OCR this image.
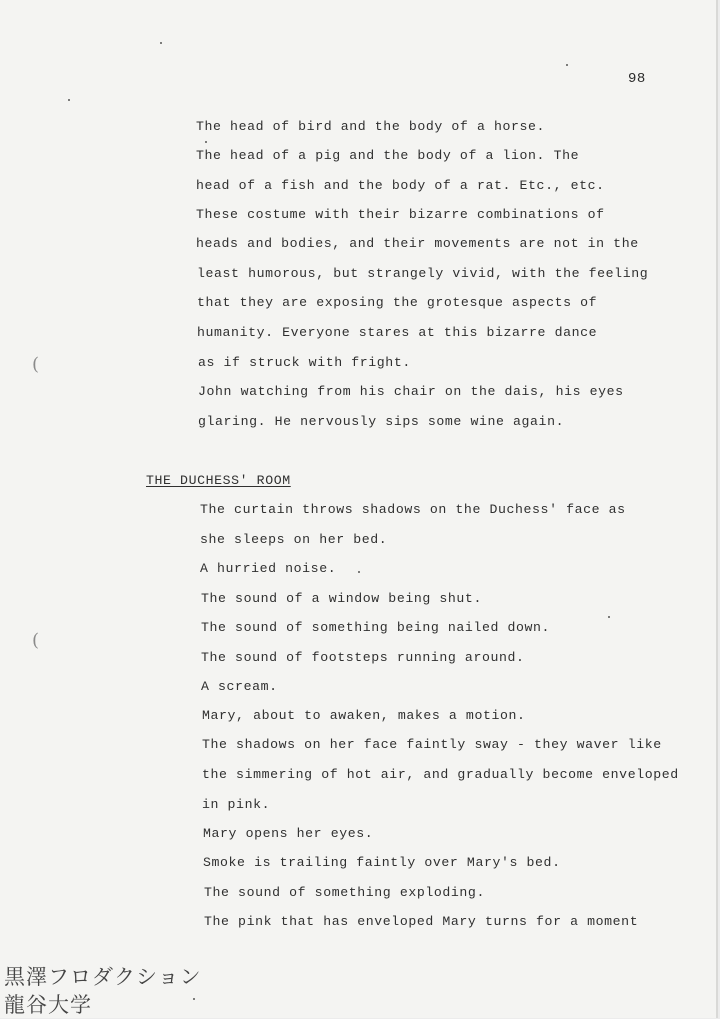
98
The head of bird and the body of a horse.
The head of a pig and the body of a lion. The
head of a fish and the body of a rat. Etc., etc.
These costume with their bizarre combinations of
heads and bodies, and their movements are not in the
least humorous, but strangely vivid, with the feeling
that they are exposing the grotesque aspects of
humanity. Everyone stares at this bizarre dance
as if struck with fright.
John watching from his chair on the dais, his eyes
glaring. He nervously sips some wine again.
THE DUCHESS' ROOM
The curtain throws shadows on the Duchess' face as
she sleeps on her bed.
A hurried noise.
The sound of a window being shut.
The sound of something being nailed down.
The sound of footsteps running around.
A scream.
Mary, about to awaken, makes a motion.
The shadows on her face faintly sway - they waver like
the simmering of hot air, and gradually become enveloped
in pink.
Mary opens her eyes.
Smoke is trailing faintly over Mary's bed.
The sound of something exploding.
The pink that has enveloped Mary turns for a moment
(
(
黒澤フロダクション
龍谷大学
